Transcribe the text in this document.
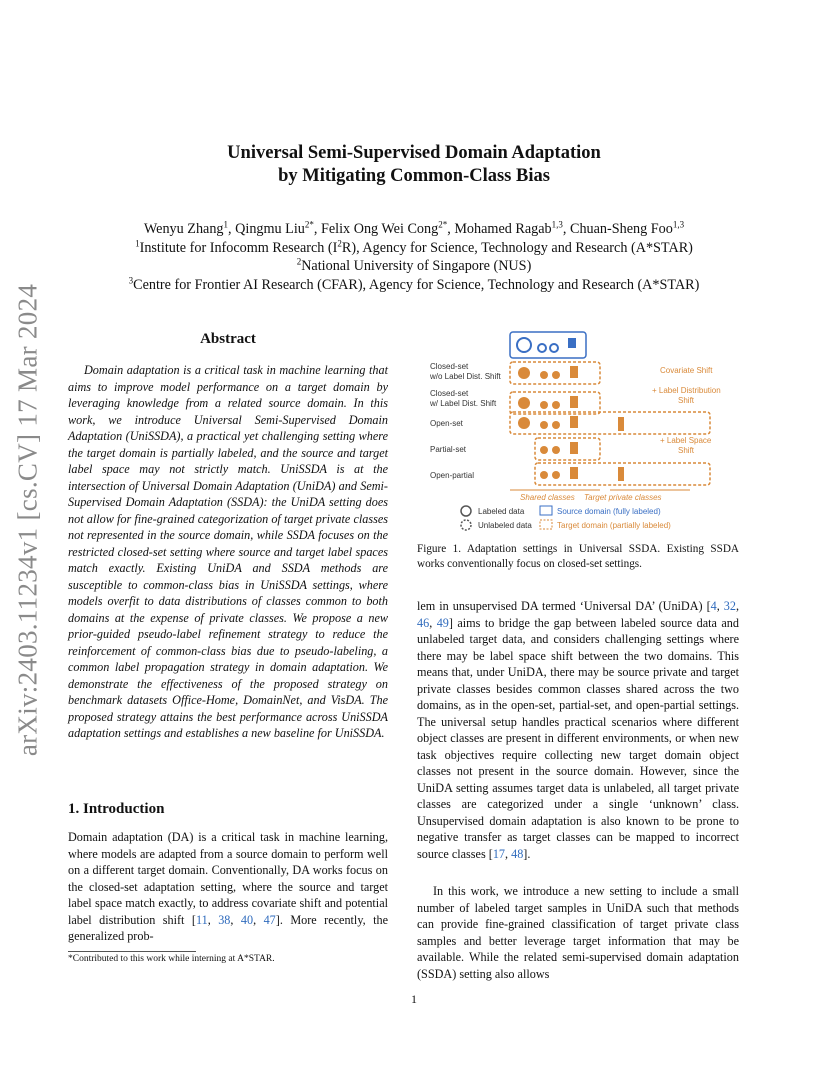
Universal Semi-Supervised Domain Adaptation
by Mitigating Common-Class Bias
Wenyu Zhang$^1$, Qingmu Liu$^{2*}$, Felix Ong Wei Cong$^{2*}$, Mohamed Ragab$^{1,3}$, Chuan-Sheng Foo$^{1,3}$
$^1$Institute for Infocomm Research $(I^2R)$, Agency for Science, Technology and Research (A*STAR)
$^2$National University of Singapore (NUS)
$^3$Centre for Frontier AI Research (CFAR), Agency for Science, Technology and Research (A*STAR)
arXiv:2403.11234v1 [cs.CV] 17 Mar 2024	Abstract
Domain adaptation is a critical task in machine learning that aims to improve model performance on a target domain by leveraging knowledge from a related source domain. In this work, we introduce Universal Semi-Supervised Domain Adaptation (UniSSDA), a practical yet challenging setting where the target domain is partially labeled, and the source and target label space may not strictly match. UniSSDA is at the intersection of Universal Domain Adaptation (UniDA) and Semi-Supervised Domain Adaptation (SSDA): the UniDA setting does not allow for fine-grained categorization of target private classes not represented in the source domain, while SSDA focuses on the restricted closed-set setting where source and target label spaces match exactly. Existing UniDA and SSDA methods are susceptible to common-class bias in UniSSDA settings, where models overfit to data distributions of classes common to both domains at the expense of private classes. We propose a new prior-guided pseudo-label refinement strategy to reduce the reinforcement of common-class bias due to pseudo-labeling, a common label propagation strategy in domain adaptation. We demonstrate the effectiveness of the proposed strategy on benchmark datasets Office-Home, DomainNet, and VisDA. The proposed strategy attains the best performance across UniSSDA adaptation settings and establishes a new baseline for UniSSDA.
1. Introduction
Domain adaptation (DA) is a critical task in machine learning, where models are adapted from a source domain to perform well on a different target domain. Conventionally, DA works focus on the closed-set adaptation setting, where the source and target label space match exactly, to address covariate shift and potential label distribution shift [11, 38, 40, 47]. More recently, the generalized prob-
*Contributed to this work while interning at A*STAR.
Closed-set
w/o Label Dist. Shift
Closed-set
w/ Label Dist. Shift
Open-set
Partial-set
Open-partial
Covariate Shift
+ Label Distribution
Shift
+ Label Space
Shift
Shared classes Target private classes
Labeled data
Unlabeled data
Source domain (fully labeled)
Target domain (partially labeled)
Figure 1. Adaptation settings in Universal SSDA. Existing SSDA works conventionally focus on closed-set settings.
lem in unsupervised DA termed ‘Universal DA’ (UniDA) [4, 32, 46, 49] aims to bridge the gap between labeled source data and unlabeled target data, and considers challenging settings where there may be label space shift between the two domains. This means that, under UniDA, there may be source private and target private classes besides common classes shared across the two domains, as in the open-set, partial-set, and open-partial settings. The universal setup handles practical scenarios where different object classes are present in different environments, or when new task objectives require collecting new target domain object classes not present in the source domain. However, since the UniDA setting assumes target data is unlabeled, all target private classes are categorized under a single ‘unknown’ class. Unsupervised domain adaptation is also known to be prone to negative transfer as target classes can be mapped to incorrect source classes [17, 48].
In this work, we introduce a new setting to include a small number of labeled target samples in UniDA such that methods can provide fine-grained classification of target private class samples and better leverage target information that may be available. While the related semi-supervised domain adaptation (SSDA) setting also allows
1
